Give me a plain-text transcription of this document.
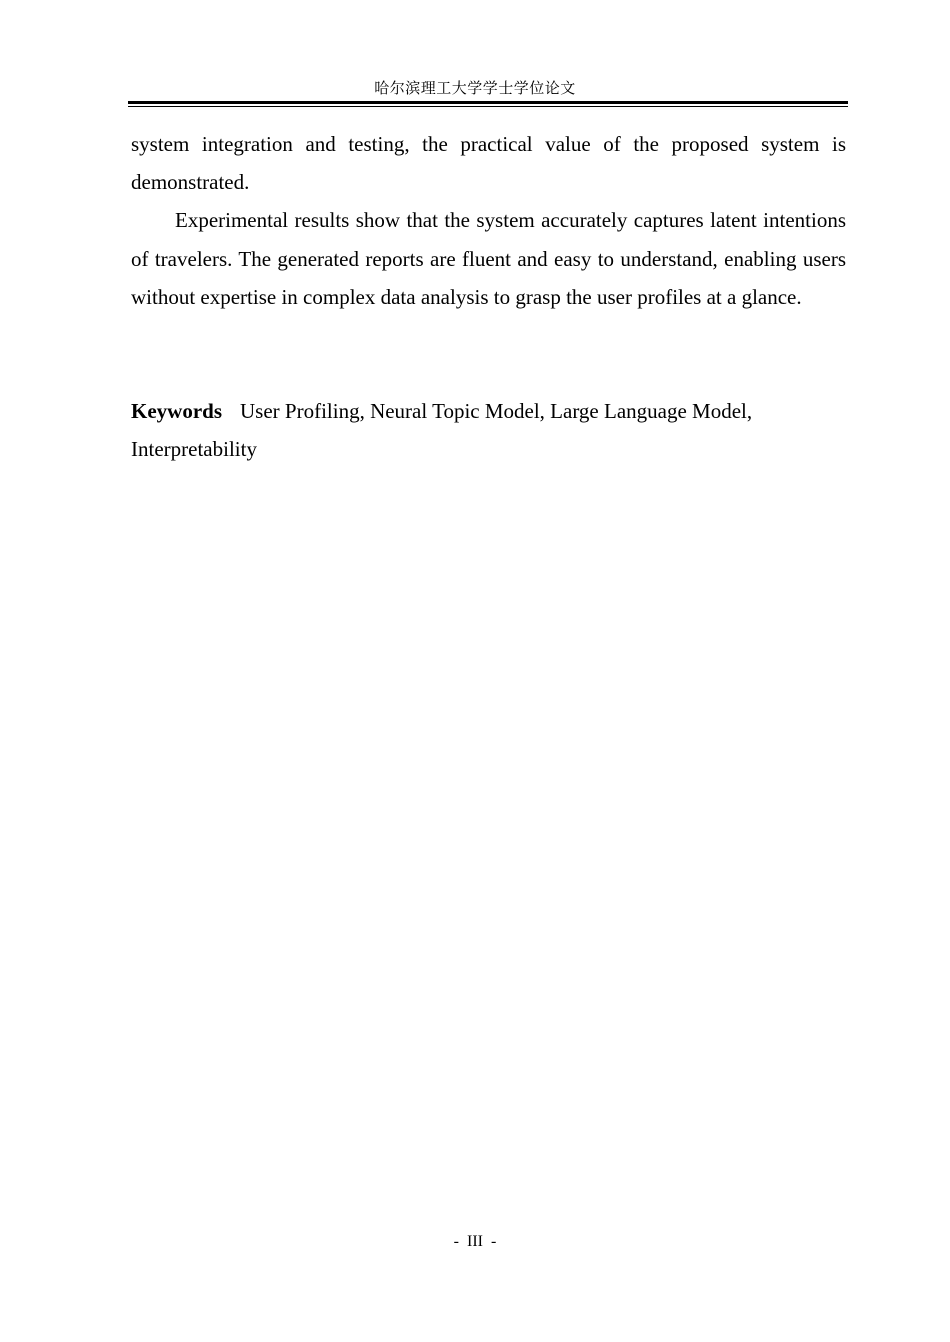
哈尔滨理工大学学士学位论文

system integration and testing, the practical value of the proposed system is demonstrated.

Experimental results show that the system accurately captures latent intentions of travelers. The generated reports are fluent and easy to understand, enabling users without expertise in complex data analysis to grasp the user profiles at a glance.

Keywords User Profiling, Neural Topic Model, Large Language Model, Interpretability

-  III  -
